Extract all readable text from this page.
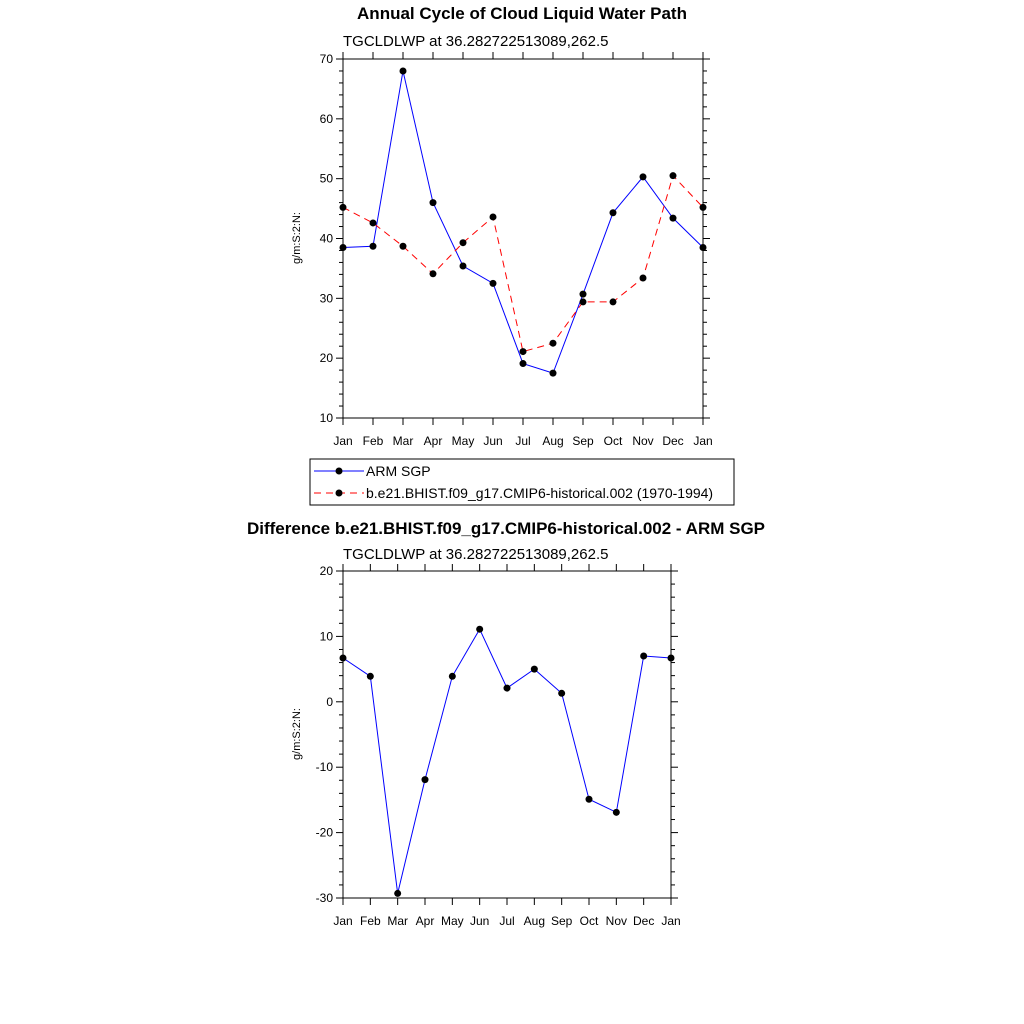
Annual Cycle of Cloud Liquid Water Path
TGCLDLWP at 36.282722513089,262.5
g/m:S:2:N:
10
20
30
40
50
60
70
Jan Feb Mar Apr May Jun Jul Aug Sep Oct Nov Dec Jan
ARM SGP
b.e21.BHIST.f09_g17.CMIP6-historical.002 (1970-1994)
Difference b.e21.BHIST.f09_g17.CMIP6-historical.002 - ARM SGP
TGCLDLWP at 36.282722513089,262.5
g/m:S:2:N:
-30
-20
-10
0
10
20
Jan Feb Mar Apr May Jun Jul Aug Sep Oct Nov Dec Jan
